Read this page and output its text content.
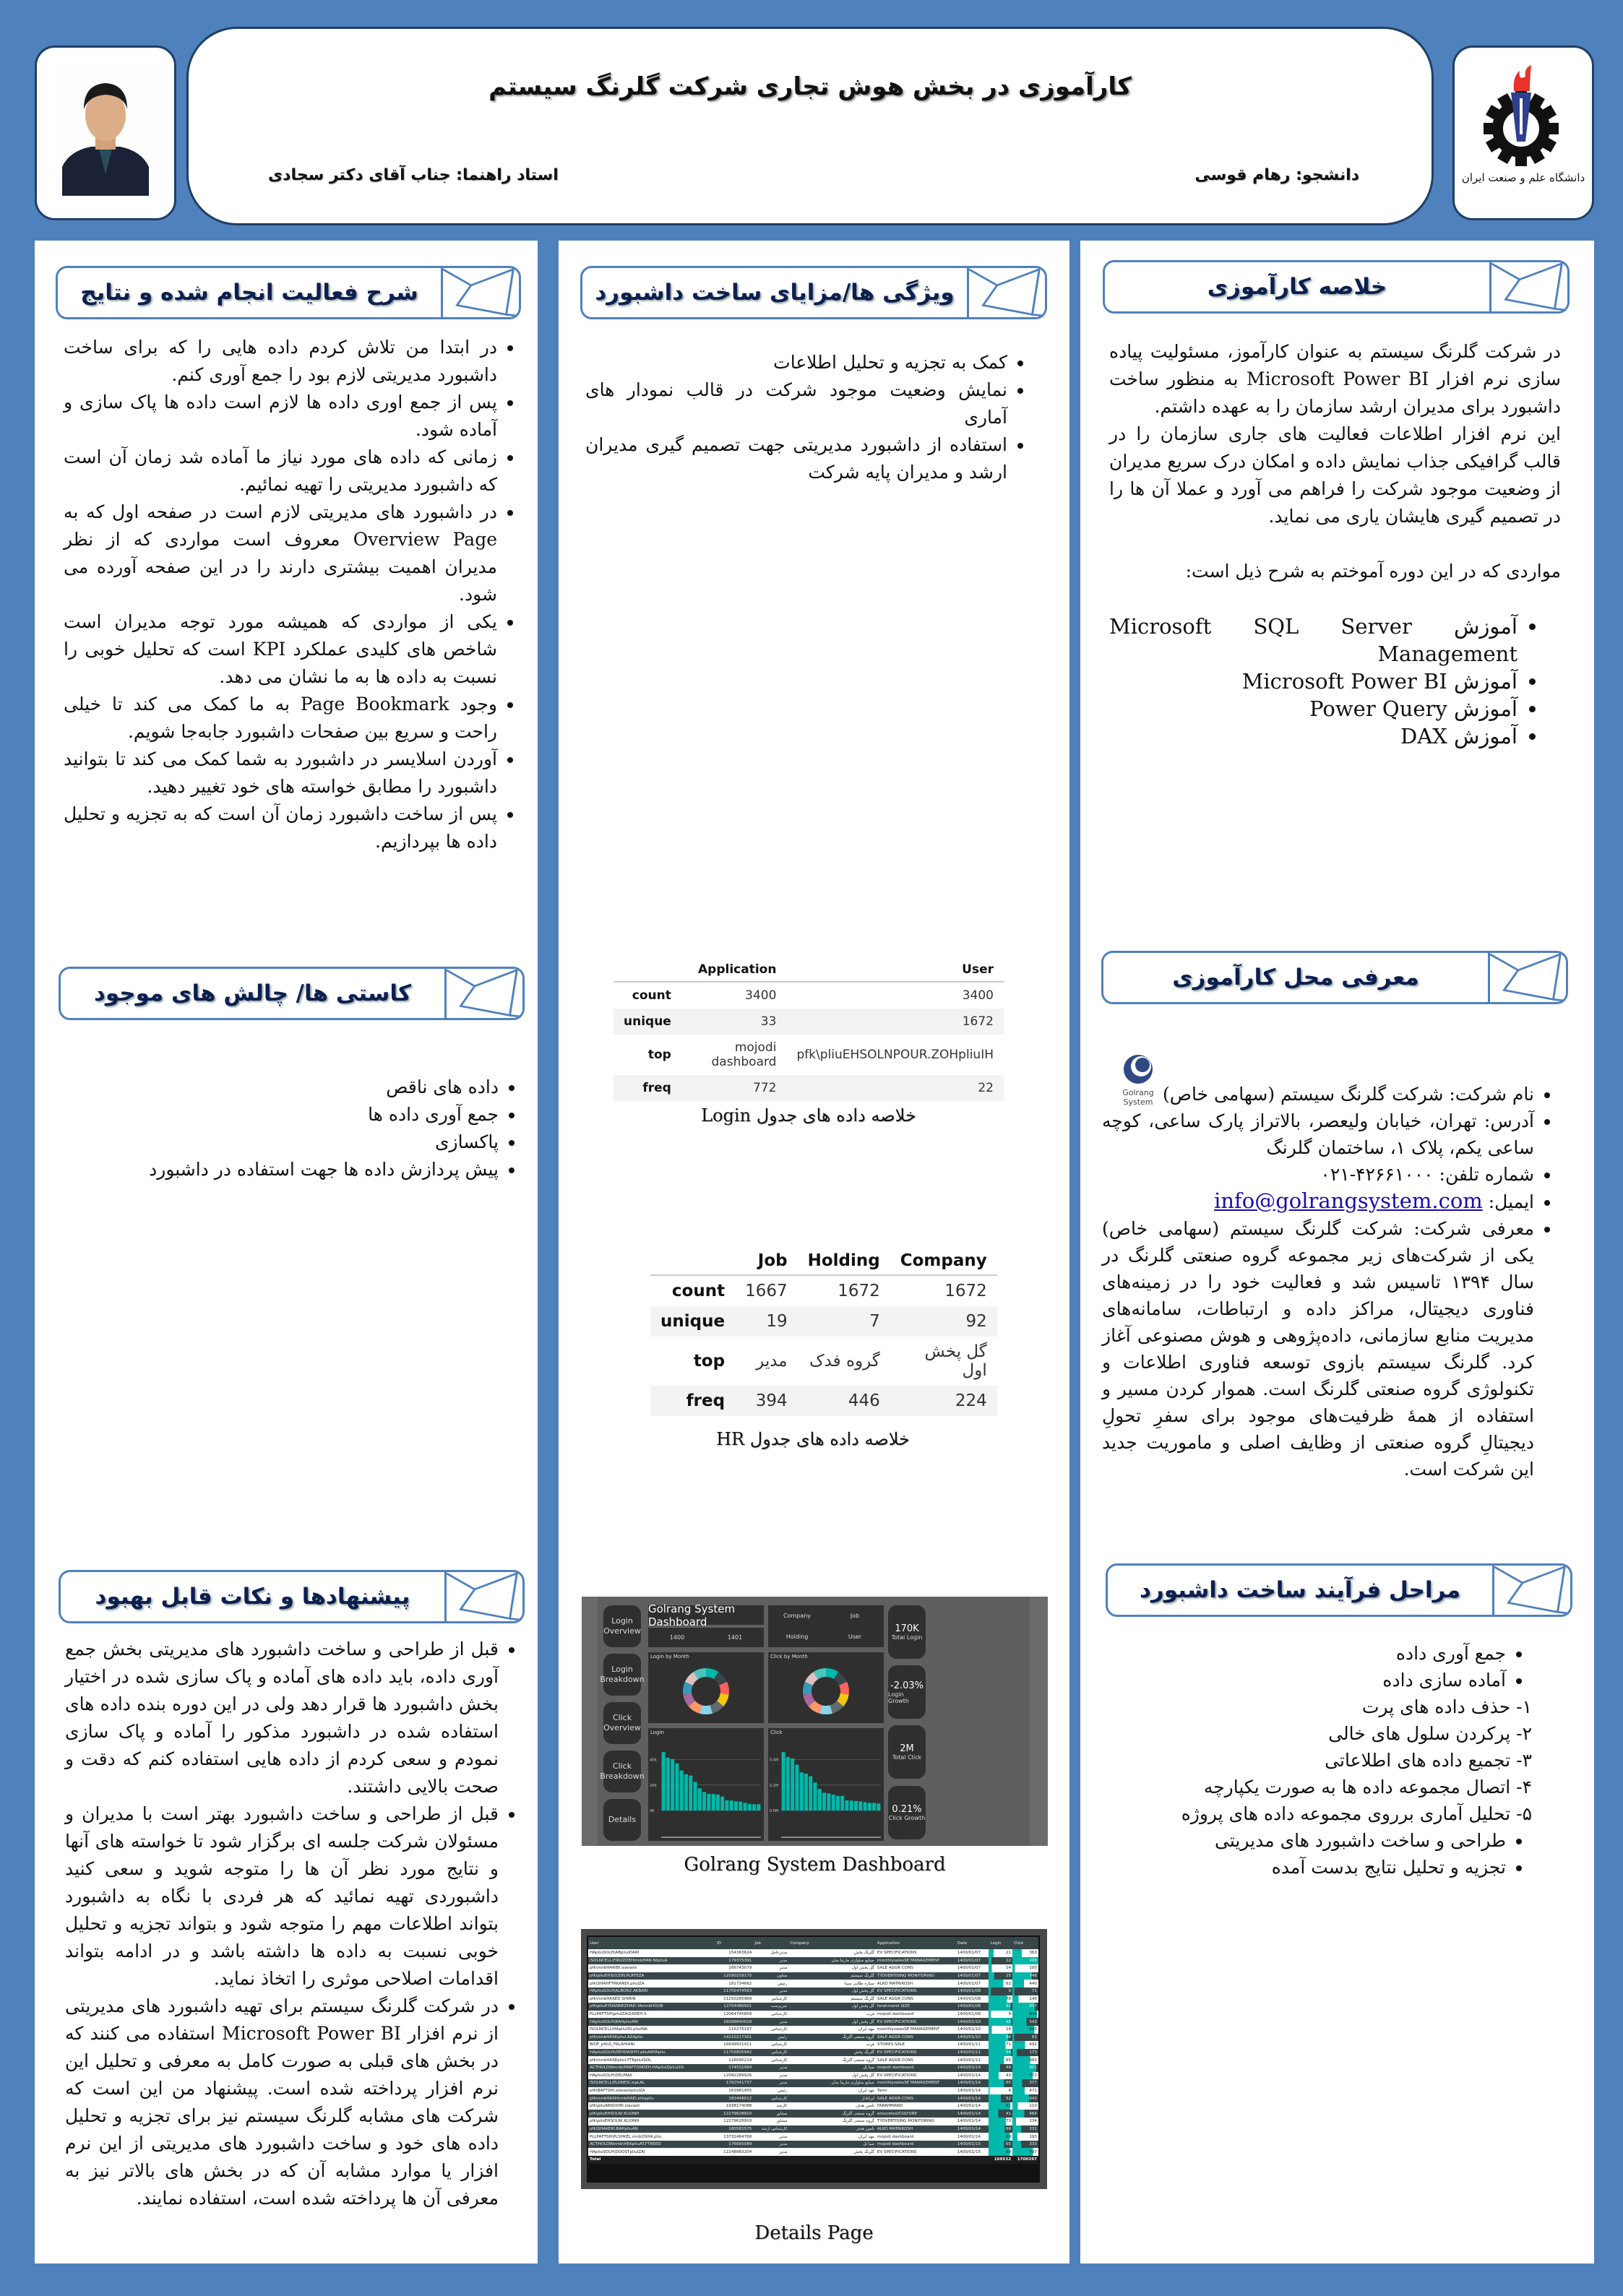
کارآموزی در بخش هوش تجاری شرکت گلرنگ سیستم
دانشجو: رهام قوسی
استاد راهنما: جناب آقای دکتر سجادی	دانشگاه علم و صنعت ایران
خلاصه کارآموزی

در شرکت گلرنگ سیستم به عنوان کارآموز، مسئولیت پیاده سازی نرم افزار Microsoft Power BI به منظور ساخت داشبورد برای مدیران ارشد سازمان را به عهده داشتم.

این نرم افزار اطلاعات فعالیت های جاری سازمان را در قالب گرافیکی جذاب نمایش داده و امکان درک سریع مدیران از وضعیت موجود شرکت را فراهم می آورد و عملا آن ها را در تصمیم گیری هایشان یاری می نماید.

مواردی که در این دوره آموختم به شرح ذیل است:

• آموزش Microsoft SQL Server Management
• آموزش Microsoft Power BI
• آموزش Power Query
• آموزش DAX
معرفی محل کارآموزی
Golrang System • نام شرکت: شرکت گلرنگ سیستم (سهامی خاص)
• آدرس: تهران، خیابان ولیعصر، بالاتراز پارک ساعی، کوچه ساعی یکم، پلاک ۱، ساختمان گلرنگ
• شماره تلفن: ۴۲۶۶۱۰۰۰-۰۲۱
• ایمیل: info@golrangsystem.com
• معرفی شرکت: شرکت گلرنگ سیستم (سهامی خاص) یکی از شرکت‌های زیر مجموعه گروه صنعتی گلرنگ در سال ۱۳۹۴ تاسیس شد و فعالیت خود را در زمینه‌های فناوری دیجیتال، مراکز داده و ارتباطات، سامانه‌های مدیریت منابع سازمانی، داده‌پژوهی و هوش مصنوعی آغاز کرد. گلرنگ سیستم بازوی توسعه فناوری اطلاعات و تکنولوژی گروه صنعتی گلرنگ است. هموار کردن مسیر و استفاده از همهٔ ظرفیت‌های موجود برای سفرِ تحولِ دیجیتالِ گروه صنعتی از وظایف اصلی و ماموریت جدید این شرکت است.
مراحل فرآیند ساخت داشبورد
• جمع آوری داده
• آماده سازی داده
۱- حذف داده های پرت
۲- پرکردن سلول های خالی
۳- تجمیع داده های اطلاعاتی
۴- اتصال مجموعه داده ها به صورت یکپارچه
۵- تحلیل آماری برروی مجموعه داده های پروژه
• طراحی و ساخت داشبورد های مدیریتی
• تجزیه و تحلیل نتایج بدست آمده
ویژگی ها/مزایای ساخت داشبورد
• کمک به تجزیه و تحلیل اطلاعات
• نمایش وضعیت موجود شرکت در قالب نمودار های آماری
• استفاده از داشبورد مدیریتی جهت تصمیم گیری مدیران ارشد و مدیران پایه شرکت
	Application	User
count	3400	3400
unique	33	1672
top	mojodi dashboard	pfk\pliuEHSOLNPOUR.ZOHpliuIH
freq	772	22
خلاصه داده های جدول Login
	Job	Holding	Company
count	1667	1672	1672
unique	19	7	92
top	مدیر	گروه فدک	گل پخش اول
freq	394	446	224
خلاصه داده های جدول HR
Login Overview
Login Breakdown
Click Overview
Click Breakdown
Details
Golrang System Dashboard
1400	1401
Company	Job
Holding	User
Login by Month	Click by Month
Login
0K
20K
40K
Click
0.0M
0.2M
0.4M
170K
Total Login
-2.03%
Login Growth
2M
Total Click
0.21%
Click Growth
Golrang System Dashboard
User	ID	Job	Company	Application	Date	Login	Click
HApliuSOLH\ABpliuIDARI	154363624	مدیرعامل	گلرنگ پخش	EV SPECIFICATIONS	1400/01/07	21	363
ISOLNCELL\FIRUZDEHmnbHAN.NIpliuA	179375391	مدیر	صنایع سلولزی مارینا سان	monthlysalesSE MANAGEMENT	1400/01/07	12	998
pfk\mnbHARIBI.siavash	166743079	مدیر	گل پخش اول	SALE AGGR CONS	1400/01/07	14	100
pfk\pliuEHSOLEIN.PLRTEZA	12090259175	معاون	گلرنگ سیستم	TYOVERTISING MONITORING	1400/01/07	25	748
pfk\SHAHFTRKANDI.pliuIZA	181734662	رئیس	ستاره طلایی سینا	ALKO MATRIKOSH	1400/01/07	62	440
HApliuSOLH\ALBORZ.AKBARI	11755474563	مدیر	گل پخش اول	EV SPECIFICATIONS	1400/01/08	9	71
pfk\mnbHASED.SHIRIN	11250285968	کارشناس	گلرنگ سیستم	SALE AGGR CONS	1400/01/08	78	240
pfk\pliuEYDANNEZHAD.YAmnbHOUB	12754480501	سرپرست	گل پخش اول	farahmand SIZE	1400/01/08	92	857
PLLPAFTSH\pliuIZAIZADEH.S	12064745858	کارشناس	فرب	mojodi dashboard	1400/01/08	9	944
HApliuSOLH\BAHpliuANI	16099840028	مدیر	گل پخش اول	EV SPECIFICATIONS	1400/01/10	96	543
ISOLNCELL\HApliuIDI.pliuINA	116276167	کارشناس	مهد ایران	monthlysalesSE MANAGEMENT	1400/01/10	14	843
pfk\mnbHASEpliuI.AZApliu	14210217301	رئیس	گروه صنعتی گلرنگ	SALE AGGR CONS	1400/01/10	84	63
BIOP_pfk\S_FALAHIANI	16649931411	کارشناس	فرب	STORES SALE	1400/01/11	71	492
HApliuSOLH\DEHDASHTI.pliuARYApliu	11755805942	کارشناس	گلرنگ پخش	EV SPECIFICATIONS	1400/01/11	94	173
pfk\mnbHASEpliuI.FTRpliuISOL	116095219	کارشناس	گروه صنعتی گلرنگ	SALE AGGR CONS	1400/01/11	65	683
ACTHOLDINmnb\FARFTONDEH.HApliuIDpliuIZA	174531964	مدیر	صبا تل	mojodi dashboard	1400/01/14	49	901
HApliuSOLH\DELFANI	12092289926	مدیر	گل پخش اول	EV SPECIFICATIONS	1400/01/14	43	772
ISOLNCELL\PLUNESI.iopLAL	1702541737	مدیر	صنایع سلولزی مارینا سان	monthlysalesSE MANAGEMENT	1400/01/14	65	377
pfk\BAFTSHI.siavashpliuIZA	163981955	رئیس	مهد ایران	Tamt	1400/01/14	4	471
pfk\mnbHASHmnbHAEI.elhapliu	183448012	کارشناس	ایرانادار	SALE AGGR CONS	1400/01/14	52	643
pfk\pliuANSOORI.siavash	1938174088	کارمند	تامین هدف	FARAHMAND	1400/01/14	91	210
pfk\pliuEHSOLNI.KLIONH	12279628910	مشاور	گروه صنعتی گلرنگ	ensuretestCULTURE	1400/01/14	41	464
pfk\pliuEHSOLNI.KLIONH	12279628910	مشاور	گروه صنعتی گلرنگ	TYOVERTISING MONITORING	1400/01/14	73	134
pfk\SHAKERI.BAHpliuAN	180582575	کارشناس ارشد	تامین هدف	ALKO MATRIKOSH	1400/01/14	68	331
PLLPAFTSH\PLSHKEL.mnbOSHA.pliu	13732464768	مدیر	مهد ایران	mojodi dashboard	1400/01/14	89	193
ACTHOLDINmnb\HEKpliuAT.FTREED	176665089	مدیر	صبا تل	mojodi dashboard	1400/01/15	65	333
HApliuSOLH\DOOSTpliuIZAI	12248983204	مدیر	گلرنگ پخش	EV SPECIFICATIONS	1400/01/15	89	797
Total						169532	1700297
Details Page
شرح فعالیت انجام شده و نتایج
• در ابتدا من تلاش کردم داده هایی را که برای ساخت داشبورد مدیریتی لازم بود را جمع آوری کنم.
• پس از جمع اوری داده ها لازم است داده ها پاک سازی و آماده شود.
• زمانی که داده های مورد نیاز ما آماده شد زمان آن است که داشبورد مدیریتی را تهیه نمائیم.
• در داشبورد های مدیریتی لازم است در صفحه اول که به Overview Page معروف است مواردی که از نظر مدیران اهمیت بیشتری دارند را در این صفحه آورده می شود.
• یکی از مواردی که همیشه مورد توجه مدیران است شاخص های کلیدی عملکرد KPI است که تحلیل خوبی را نسبت به داده ها به ما نشان می دهد.
• وجود Page Bookmark به ما کمک می کند تا خیلی راحت و سریع بین صفحات داشبورد جابه‌جا شویم.
• آوردن اسلایسر در داشبورد به شما کمک می کند تا بتوانید داشبورد را مطابق خواسته های خود تغییر دهید.
• پس از ساخت داشبورد زمان آن است که به تجزیه و تحلیل داده ها بپردازیم.
کاستی ها/ چالش های موجود
• داده های ناقص
• جمع آوری داده ها
• پاکسازی
• پیش پردازش داده ها جهت استفاده در داشبورد
پیشنهادها و نکات قابل بهبود
• قبل از طراحی و ساخت داشبورد های مدیریتی بخش جمع آوری داده، باید داده های آماده و پاک سازی شده در اختیار بخش داشبورد ها قرار دهد ولی در این دوره بنده داده های استفاده شده در داشبورد مذکور را آماده و پاک سازی نمودم و سعی کردم از داده هایی استفاده کنم که دقت و صحت بالایی داشتند.
• قبل از طراحی و ساخت داشبورد بهتر است با مدیران و مسئولان شرکت جلسه ای برگزار شود تا خواسته های آنها و نتایج مورد نظر آن ها را متوجه شوید و سعی کنید داشبوردی تهیه نمائید که هر فردی با نگاه به داشبورد بتواند اطلاعات مهم را متوجه شود و بتواند تجزیه و تحلیل خوبی نسبت به داده ها داشته باشد و در ادامه بتواند اقدامات اصلاحی موثری را اتخاذ نماید.
• در شرکت گلرنگ سیستم برای تهیه داشبورد های مدیریتی از نرم افزار Microsoft Power BI استفاده می کنند که در بخش های قبلی به صورت کامل به معرفی و تحلیل این نرم افزار پرداخته شده است. پیشنهاد من این است که شرکت های مشابه گلرنگ سیستم نیز برای تجزیه و تحلیل داده های خود و ساخت داشبورد های مدیریتی از این نرم افزار یا موارد مشابه آن که در بخش های بالاتر نیز به معرفی آن ها پرداخته شده است، استفاده نمایند.
